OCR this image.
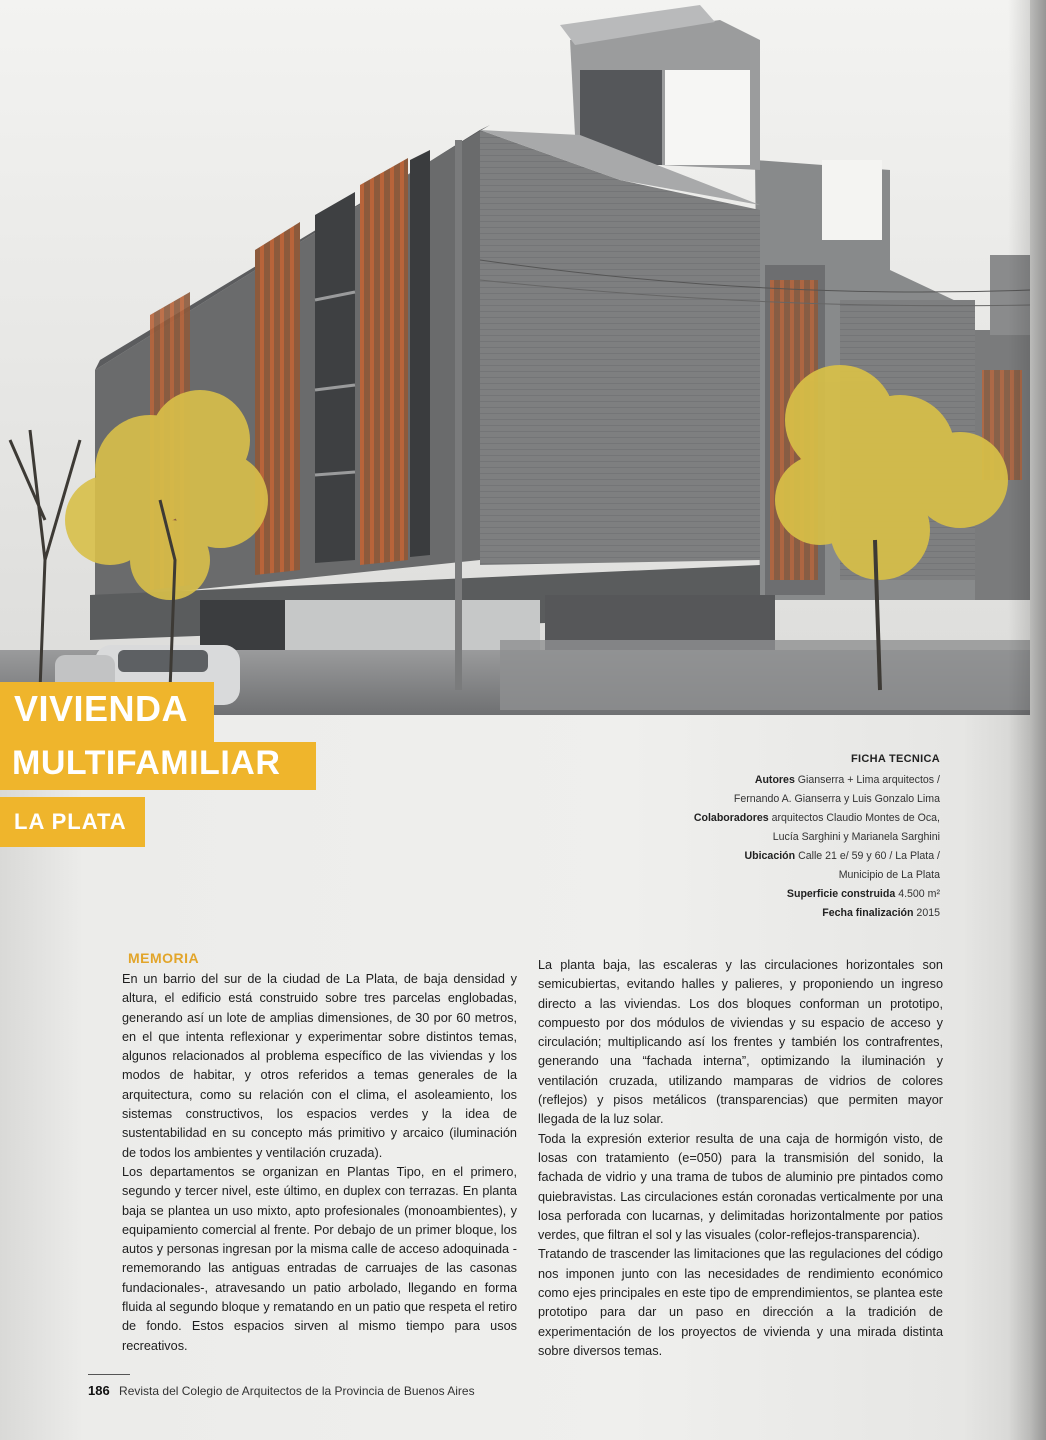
VIVIENDA
MULTIFAMILIAR
LA PLATA
FICHA TECNICA
Autores Gianserra + Lima arquitectos /
Fernando A. Gianserra y Luis Gonzalo Lima
Colaboradores arquitectos Claudio Montes de Oca,
Lucía Sarghini y Marianela Sarghini
Ubicación Calle 21 e/ 59 y 60 / La Plata /
Municipio de La Plata
Superficie construida 4.500 m²
Fecha finalización 2015
MEMORIA

En un barrio del sur de la ciudad de La Plata, de baja densidad y altura, el edificio está construido sobre tres parcelas englobadas, generando así un lote de amplias dimensiones, de 30 por 60 metros, en el que intenta reflexionar y experimentar sobre distintos temas, algunos relacionados al problema específico de las viviendas y los modos de habitar, y otros referidos a temas generales de la arquitectura, como su relación con el clima, el asoleamiento, los sistemas constructivos, los espacios verdes y la idea de sustentabilidad en su concepto más primitivo y arcaico (iluminación de todos los ambientes y ventilación cruzada).

Los departamentos se organizan en Plantas Tipo, en el primero, segundo y tercer nivel, este último, en duplex con terrazas. En planta baja se plantea un uso mixto, apto profesionales (monoambientes), y equipamiento comercial al frente. Por debajo de un primer bloque, los autos y personas ingresan por la misma calle de acceso adoquinada -rememorando las antiguas entradas de carruajes de las casonas fundacionales-, atravesando un patio arbolado, llegando en forma fluida al segundo bloque y rematando en un patio que respeta el retiro de fondo. Estos espacios sirven al mismo tiempo para usos recreativos.

La planta baja, las escaleras y las circulaciones horizontales son semicubiertas, evitando halles y palieres, y proponiendo un ingreso directo a las viviendas. Los dos bloques conforman un prototipo, compuesto por dos módulos de viviendas y su espacio de acceso y circulación; multiplicando así los frentes y también los contrafrentes, generando una “fachada interna”, optimizando la iluminación y ventilación cruzada, utilizando mamparas de vidrios de colores (reflejos) y pisos metálicos (transparencias) que permiten mayor llegada de la luz solar.

Toda la expresión exterior resulta de una caja de hormigón visto, de losas con tratamiento (e=050) para la transmisión del sonido, la fachada de vidrio y una trama de tubos de aluminio pre pintados como quiebravistas. Las circulaciones están coronadas verticalmente por una losa perforada con lucarnas, y delimitadas horizontalmente por patios verdes, que filtran el sol y las visuales (color-reflejos-transparencia).

Tratando de trascender las limitaciones que las regulaciones del código nos imponen junto con las necesidades de rendimiento económico como ejes principales en este tipo de emprendimientos, se plantea este prototipo para dar un paso en dirección a la tradición de experimentación de los proyectos de vivienda y una mirada distinta sobre diversos temas.

186 Revista del Colegio de Arquitectos de la Provincia de Buenos Aires
